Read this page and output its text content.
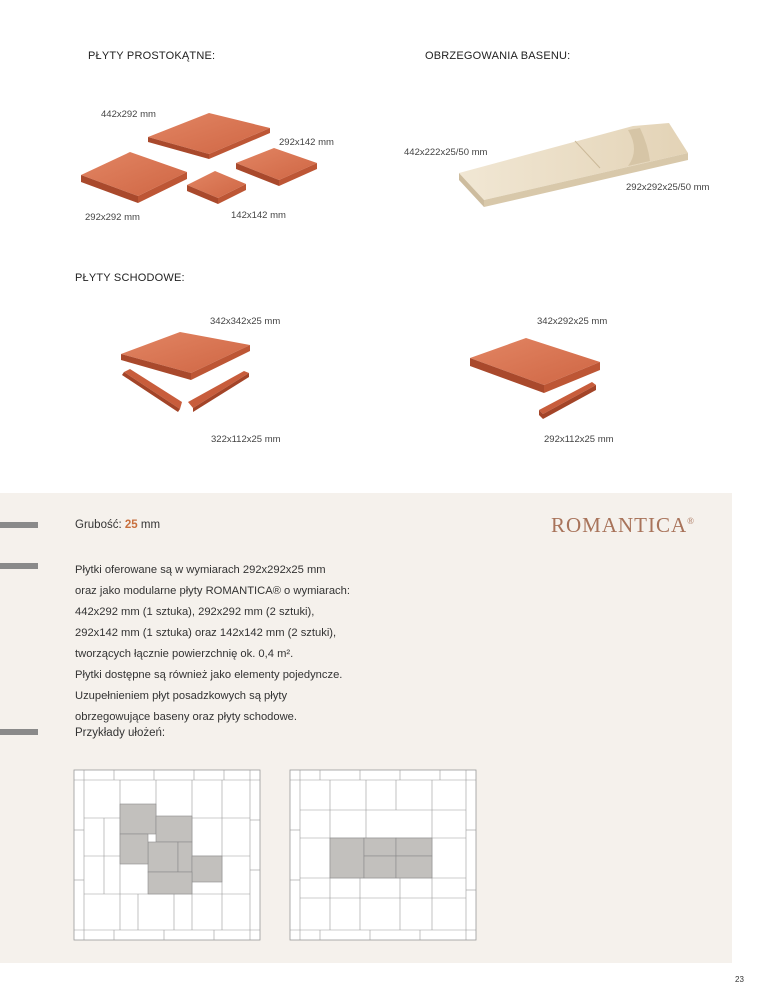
PŁYTY PROSTOKĄTNE:	OBRZEGOWANIA BASENU:
PŁYTY SCHODOWE:
442x292 mm
292x142 mm
292x292 mm	142x142 mm
442x222x25/50 mm
292x292x25/50 mm
342x342x25 mm	342x292x25 mm
322x112x25 mm	292x112x25 mm
Grubość: 25 mm	ROMANTICA®

Płytki oferowane są w wymiarach 292x292x25 mm

oraz jako modularne płyty ROMANTICA® o wymiarach:

442x292 mm (1 sztuka), 292x292 mm (2 sztuki),

292x142 mm (1 sztuka) oraz 142x142 mm (2 sztuki),

tworzących łącznie powierzchnię ok. 0,4 m².

Płytki dostępne są również jako elementy pojedyncze.

Uzupełnieniem płyt posadzkowych są płyty

obrzegowujące baseny oraz płyty schodowe.

Przykłady ułożeń:
23
